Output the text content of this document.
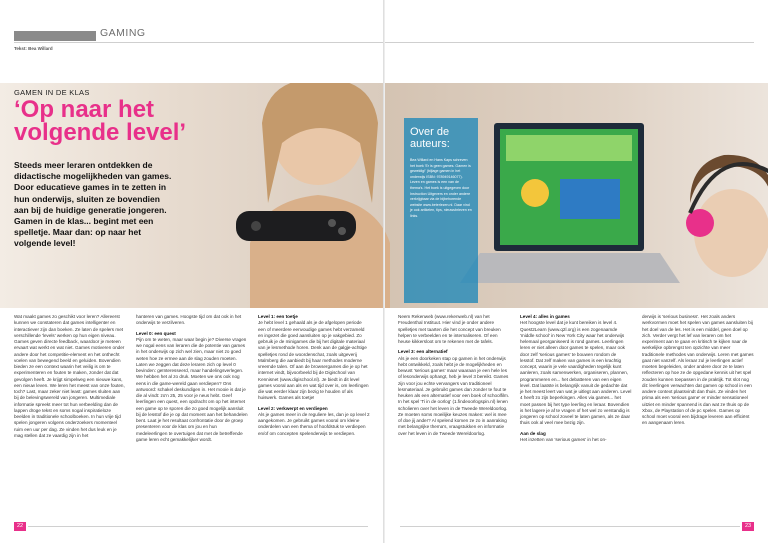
GAMING
Tekst: Bea Willard
GAMEN IN DE KLAS
‘Op naar het volgende level’
Steeds meer leraren ontdekken de didactische mogelijkheden van games. Door educatieve games in te zetten in hun onderwijs, sluiten ze bovendien aan bij de huidige generatie jongeren. Gamen in de klas... begint met een spelletje. Maar dan: op naar het volgende level!
Over de auteurs:

Bea Willard en Hans Kaps schreven het boek 'Er is geen games. Gamen is geweldig!' (bijlage gamen in het onderwijs ISBN: 978949146077). Lezen en games is een van de thema's. Het boek is uitgegeven door Instruction Uitgevers en onder andere verkrijgbaar via de bijbehorende website www.beterlezen.nl. Daar vind je ook artikelen, tips, nieuwsbrieven en links.

Wat maakt games zo geschikt voor leren? Allereerst kunnen we constateren dat games intelligenter en interactiever zijn dan boeken. Ze laten de spelers met verschillende 'levels' werken op hun eigen niveau. Games geven directe feedback, waardoor je meteen ervaart wat werkt en wat niet. Games motiveren onder andere door het competitie-element en het onthecht voelen van bewegend beeld en geluiden. Bovendien bieden ze een context waarin het veilig is om te experimenteren en fouten te maken, zonder dat dat gevolgen heeft. Je krijgt simpelweg een nieuwe kans, een nieuw leven. We leren het meest van onze fouten, toch? Last, maar zeker niet least: games sluiten aan bij de belevingswereld van jongeren. Multimediale informatie spreekt meer tot hun verbeelding dan de lappen droge tekst en soms nogal inspiratieloze beelden in traditionele schoolboeken. In hun vrije tijd spelen jongeren volgens onderzoekers momenteel ruim een uur per dag. Ze vinden het dus leuk en je mag stellen dat ze vaardig zijn in het

hanteren van games. Hoogste tijd om dat ook in het onderwijs te verzilveren.

Level 0: een quest

Pijn om te weten, maar waar begin je? Diverse vragen we nogal eens van leraren die de potentie van games in het onderwijs op zich wel zien, maar niet zo goed weten hoe ze ermee aan de slag zouden moeten. Laten we zeggen dat deze leraren zich op level 0 bevinden: geïnteresseerd, maar handelingsverlegen. We hebben het al zo druk. Moeten we ons ook nog eens in die game-wereld gaan verdiepen? Ons antwoord: schakel deskundigen in. Het mooie is dat je die al vindt: zo'n 25, 25 voor je neus hebt. Geef leerlingen een quest, een opdracht om op het internet een game op te sporen die zo goed mogelijk aansluit bij de lesstof die je op dat moment aan het behandelen bent. Laat je het resultaat confrontatie door de groep presenteren voor de klas om jou en hun medeleerlingen te overtuigen dat met de betreffende game leren echt gemakkelijker wordt.

Level 1: een toetje

Je hebt level 1 gehaald als je de afgelopen periode een of meerdere eenvoudige games hebt verzameld en ingezet die goed aansluiten op je vakgebied. Zo gebruik je de minigames die bij het digitale materiaal van je lesmethode horen. Denk aan de galgje-achtige spelletjes rond de woordenschat, zoals uitgeverij Malmberg die aanbiedt bij haar methodes moderne vreemde talen. Of aan de browsergames die je op het internet vindt, bijvoorbeeld bij de Digischool van Kennisnet (www.digischool.nl). Je biedt in dit level games vooral aan als en wat tijd over is, om leerlingen die wat eerder klaar zijn bezig te houden of als huiswerk. Games als toetje!

Level 2: verkwerpt en verdiepen

Als je games meer in de reguliere les, dan je op level 2 aangekomen. Je gebruikt games vooral om kleine onderdelen van een thema of hoofdstuk te verdiepen en/of om concepten spelenderwijs te verdiepen.

Neem Rekenweb (www.rekenweb.nl) van het Freudenthal Instituut. Hier vind je onder andere spelletjes met taarten die het concept van breuken helpen te verbeelden en te internaliseren. Of een heuse kikkersloot om te rekenen met de tafels.

Level 3: een alternatief

Als je een doorkeken stap op gamen in het onderwijs hebt ontwikkeld, zoals hebt je de mogelijkheden en bewust 'serious games' maar waaraan je een hele les of lesonderwijs ophangt, heb je level 3 bereikt. Games zijn voor jou echte vervangers van traditioneel lesmateriaal. Je gebruikt games dan zonder te fout te heuken als een alternatief voor een boek of schoolfilm. In het spel 'Ti in de oorlog' (1.findeoorlogspin.nl) lenen scholieren over het leven in de Tweede Wereldoorlog. Ze moeten soms moeilijke keuzes maken: wel is mee of doe jij ander? Al spelend komen ze zo in aanraking met belangrijke thema's, vraagstukken en informatie over het leven in de Tweede Wereldoorlog.

Level 4: alles in games

Het hoogste level dat je kunt bereiken is level 4. Quest2Learn (www.q2l.org) is een zogenaamde 'middle school' in New York City waar het onderwijs helemaal georganiseerd is rond games. Leerlingen leren er niet alleen door games te spelen, maar ook door zelf 'serious games' te bouwen rondom de lesstof. Dat zelf maken van games is een krachtig concept, waarin je vele vaardigheden tegelijk kunt aanleren, zoals samenwerken, organiseren, plannen, programmeren en... het debatteren van een eigen level. Dat laatste is belangrijk vanuit de gedachte dat je het meest leert van wat je uitlegt aan anderen. Level 4 heeft zo zijn beperkingen. Alles via games... het moet passen bij het type leerling en leraar. Bovendien is het lagere je af te vragen of het wel zo verstandig is jongeren op school zoveel te laten gamen, als ze daar thuis ook al veel mee bezig zijn.

Aan de slag

Het inzetten van 'serious games' in het on-

derwijs is 'serious business'. Het zoals anders werkvormen moet het spelen van games aansluiten bij het doel van de les. Het is een middel, geen doel op zich. Verder vergt het lef van leraren om het experiment aan te gaan en kritisch te kijken naar de werkelijke opbrengst ten opzichte van meer traditionele methodes van onderwijs. Leren met games gaat niet vanzelf. Als leraar zul je leerlingen actief moeten begeleiden, onder andere door ze te laten reflecteren op hoe ze de opgedane kennis uit het spel zouden kunnen toepassen in de praktijk. Tot slot nog dit: leerlingen verwachten dat gamen op school in een andere context plaatsvindt dan thuis. Ze vinden het prima als een 'serious game' er minder sensationeel uitziet en minder spannend is dan wat ze thuis op de Xbox, de Playstation of de pc spelen. Games op school moet vooral een bijdrage leveren aan efficiënt en aangenaam leren.

22	23
